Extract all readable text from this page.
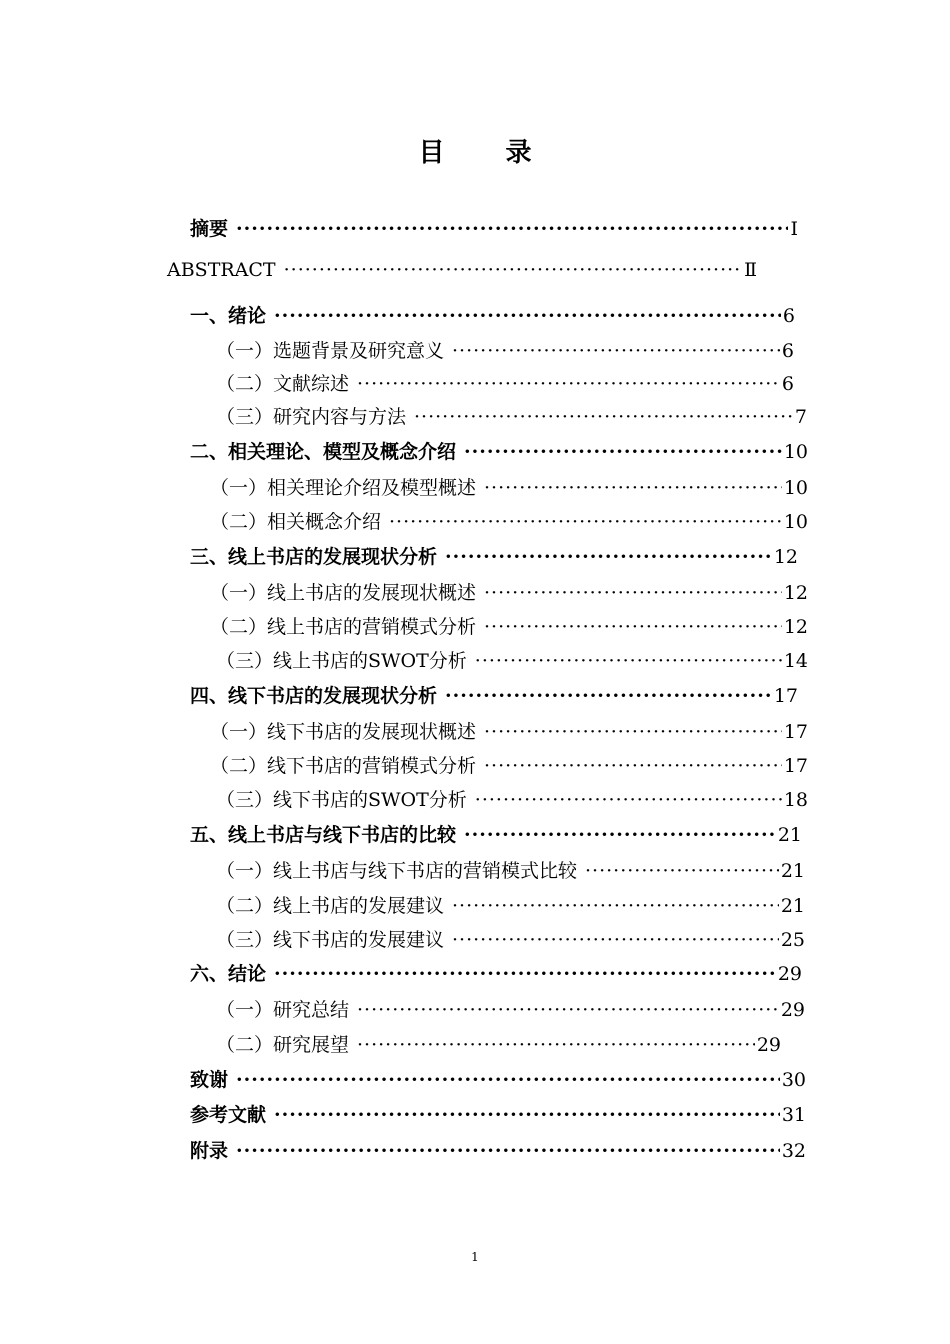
目 录
摘要 ·····	Ⅰ
ABSTRACT ·····	Ⅱ
一、绪论 ·····	6
（一）选题背景及研究意义 ·····	6
（二）文献综述 ·····	6
（三）研究内容与方法 ·····	7
二、相关理论、模型及概念介绍 ·····	10
（一）相关理论介绍及模型概述 ·····	10
（二）相关概念介绍 ·····	10
三、线上书店的发展现状分析 ·····	12
（一）线上书店的发展现状概述 ·····	12
（二）线上书店的营销模式分析 ·····	12
（三）线上书店的SWOT分析 ·····	14
四、线下书店的发展现状分析 ·····	17
（一）线下书店的发展现状概述 ·····	17
（二）线下书店的营销模式分析 ·····	17
（三）线下书店的SWOT分析 ·····	18
五、线上书店与线下书店的比较 ·····	21
（一）线上书店与线下书店的营销模式比较 ·····	21
（二）线上书店的发展建议 ·····	21
（三）线下书店的发展建议 ·····	25
六、结论 ·····	29
（一）研究总结 ·····	29
（二）研究展望 ·····	29
致谢 ·····	30
参考文献 ·····	31
附录 ·····	32
1
